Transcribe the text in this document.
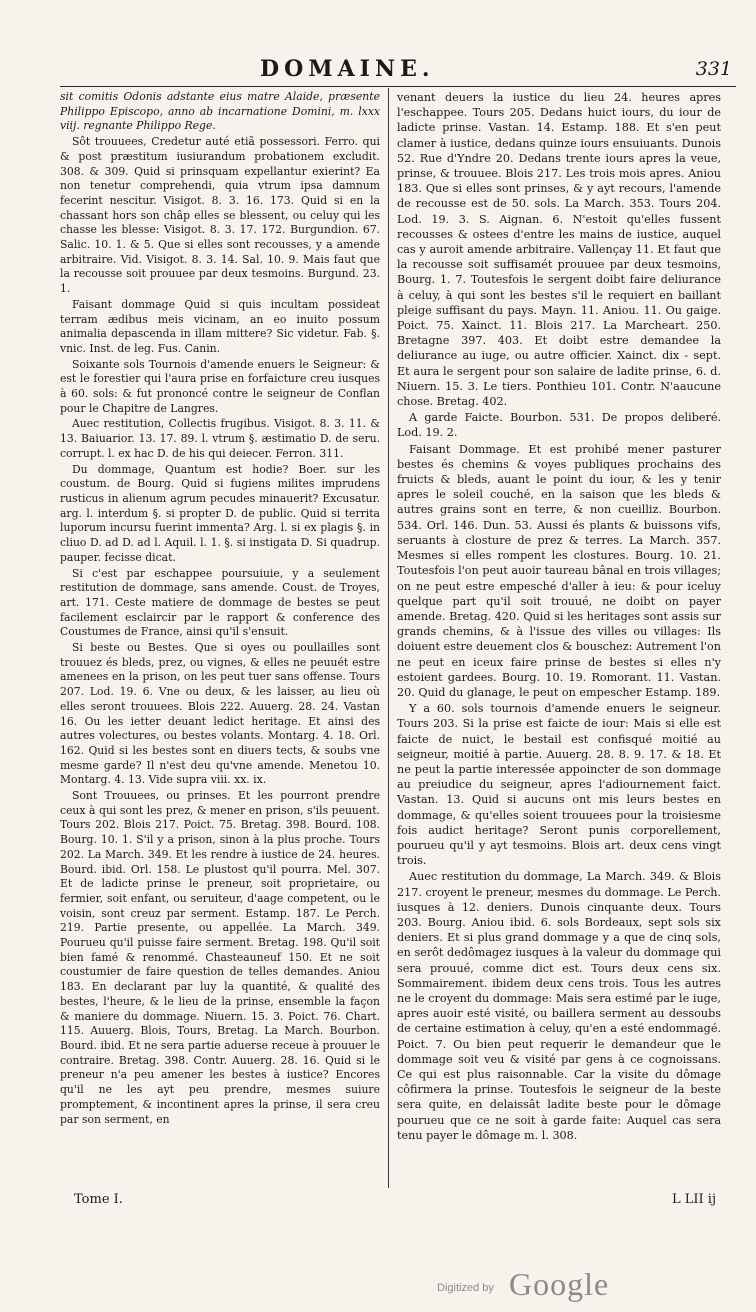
DOMAINE.	331

sit comitis Odonis adstante eius matre Alaide, præsente Philippo Episcopo, anno ab incarnatione Domini, m. lxxx viij. regnante Philippo Rege.

Sôt trouuees, Credetur auté etiã possessori. Ferro. qui & post præstitum iusiurandum probationem excludit. 308. & 309. Quid si prinsquam expellantur exierint? Ea non tenetur comprehendi, quia vtrum ipsa damnum fecerint nescitur. Visigot. 8. 3. 16. 173. Quid si en la chassant hors son châp elles se blessent, ou celuy qui les chasse les blesse: Visigot. 8. 3. 17. 172. Burgundion. 67. Salic. 10. 1. & 5. Que si elles sont recousses, y a amende arbitraire. Vid. Visigot. 8. 3. 14. Sal. 10. 9. Mais faut que la recousse soit prouuee par deux tesmoins. Burgund. 23. 1.

Faisant dommage Quid si quis incultam possideat terram ædibus meis vicinam, an eo inuito possum animalia depascenda in illam mittere? Sic videtur. Fab. §. vnic. Inst. de leg. Fus. Canin.

Soixante sols Tournois d'amende enuers le Seigneur: & est le forestier qui l'aura prise en forfaicture creu iusques à 60. sols: & fut prononcé contre le seigneur de Conflan pour le Chapitre de Langres.

Auec restitution, Collectis frugibus. Visigot. 8. 3. 11. & 13. Baiuarior. 13. 17. 89. l. vtrum §. æstimatio D. de seru. corrupt. l. ex hac D. de his qui deiecer. Ferron. 311.

Du dommage, Quantum est hodie? Boer. sur les coustum. de Bourg. Quid si fugiens milites imprudens rusticus in alienum agrum pecudes minauerit? Excusatur. arg. l. interdum §. si propter D. de public. Quid si territa luporum incursu fuerint immenta? Arg. l. si ex plagis §. in cliuo D. ad D. ad l. Aquil. l. 1. §. si instigata D. Si quadrup. pauper. fecisse dicat.

Si c'est par eschappee poursuiuie, y a seulement restitution de dommage, sans amende. Coust. de Troyes, art. 171. Ceste matiere de dommage de bestes se peut facilement esclaircir par le rapport & conference des Coustumes de France, ainsi qu'il s'ensuit.

Si beste ou Bestes. Que si oyes ou poullailles sont trouuez és bleds, prez, ou vignes, & elles ne peuuét estre amenees en la prison, on les peut tuer sans offense. Tours 207. Lod. 19. 6. Vne ou deux, & les laisser, au lieu où elles seront trouuees. Blois 222. Auuerg. 28. 24. Vastan 16. Ou les ietter deuant ledict heritage. Et ainsi des autres volectures, ou bestes volants. Montarg. 4. 18. Orl. 162. Quid si les bestes sont en diuers tects, & soubs vne mesme garde? Il n'est deu qu'vne amende. Menetou 10. Montarg. 4. 13. Vide supra viii. xx. ix.

Sont Trouuees, ou prinses. Et les pourront prendre ceux à qui sont les prez, & mener en prison, s'ils peuuent. Tours 202. Blois 217. Poict. 75. Bretag. 398. Bourd. 108. Bourg. 10. 1. S'il y a prison, sinon à la plus proche. Tours 202. La March. 349. Et les rendre à iustice de 24. heures. Bourd. ibid. Orl. 158. Le plustost qu'il pourra. Mel. 307. Et de ladicte prinse le preneur, soit proprietaire, ou fermier, soit enfant, ou seruiteur, d'aage competent, ou le voisin, sont creuz par serment. Estamp. 187. Le Perch. 219. Partie presente, ou appellée. La March. 349. Pourueu qu'il puisse faire serment. Bretag. 198. Qu'il soit bien famé & renommé. Chasteauneuf 150. Et ne soit coustumier de faire question de telles demandes. Aniou 183. En declarant par luy la quantité, & qualité des bestes, l'heure, & le lieu de la prinse, ensemble la façon & maniere du dommage. Niuern. 15. 3. Poict. 76. Chart. 115. Auuerg. Blois, Tours, Bretag. La March. Bourbon. Bourd. ibid. Et ne sera partie aduerse receue à prouuer le contraire. Bretag. 398. Contr. Auuerg. 28. 16. Quid si le preneur n'a peu amener les bestes à iustice? Encores qu'il ne les ayt peu prendre, mesmes suiure promptement, & incontinent apres la prinse, il sera creu par son serment, en

venant deuers la iustice du lieu 24. heures apres l'eschappee. Tours 205. Dedans huict iours, du iour de ladicte prinse. Vastan. 14. Estamp. 188. Et s'en peut clamer à iustice, dedans quinze iours ensuiuants. Dunois 52. Rue d'Yndre 20. Dedans trente iours apres la veue, prinse, & trouuee. Blois 217. Les trois mois apres. Aniou 183. Que si elles sont prinses, & y ayt recours, l'amende de recousse est de 50. sols. La March. 353. Tours 204. Lod. 19. 3. S. Aignan. 6. N'estoit qu'elles fussent recousses & ostees d'entre les mains de iustice, auquel cas y auroit amende arbitraire. Vallençay 11. Et faut que la recousse soit suffisamét prouuee par deux tesmoins, Bourg. 1. 7. Toutesfois le sergent doibt faire deliurance à celuy, à qui sont les bestes s'il le requiert en baillant pleige suffisant du pays. Mayn. 11. Aniou. 11. Ou gaige. Poict. 75. Xainct. 11. Blois 217. La Marcheart. 250. Bretagne 397. 403. Et doibt estre demandee la deliurance au iuge, ou autre officier. Xainct. dix - sept. Et aura le sergent pour son salaire de ladite prinse, 6. d. Niuern. 15. 3. Le tiers. Ponthieu 101. Contr. N'aaucune chose. Bretag. 402.

A garde Faicte. Bourbon. 531. De propos deliberé. Lod. 19. 2.

Faisant Dommage. Et est prohibé mener pasturer bestes és chemins & voyes publiques prochains des fruicts & bleds, auant le point du iour, & les y tenir apres le soleil couché, en la saison que les bleds & autres grains sont en terre, & non cueilliz. Bourbon. 534. Orl. 146. Dun. 53. Aussi és plants & buissons vifs, seruants à closture de prez & terres. La March. 357. Mesmes si elles rompent les clostures. Bourg. 10. 21. Toutesfois l'on peut auoir taureau bânal en trois villages; on ne peut estre empesché d'aller à ieu: & pour iceluy quelque part qu'il soit trouué, ne doibt on payer amende. Bretag. 420. Quid si les heritages sont assis sur grands chemins, & à l'issue des villes ou villages: Ils doiuent estre deuement clos & bouschez: Autrement l'on ne peut en iceux faire prinse de bestes si elles n'y estoient gardees. Bourg. 10. 19. Romorant. 11. Vastan. 20. Quid du glanage, le peut on empescher Estamp. 189.

Y a 60. sols tournois d'amende enuers le seigneur. Tours 203. Si la prise est faicte de iour: Mais si elle est faicte de nuict, le bestail est confisqué moitié au seigneur, moitié à partie. Auuerg. 28. 8. 9. 17. & 18. Et ne peut la partie interessée appoincter de son dommage au preiudice du seigneur, apres l'adiournement faict. Vastan. 13. Quid si aucuns ont mis leurs bestes en dommage, & qu'elles soient trouuees pour la troisiesme fois audict heritage? Seront punis corporellement, pourueu qu'il y ayt tesmoins. Blois art. deux cens vingt trois.

Auec restitution du dommage, La March. 349. & Blois 217. croyent le preneur, mesmes du dommage. Le Perch. iusques à 12. deniers. Dunois cinquante deux. Tours 203. Bourg. Aniou ibid. 6. sols Bordeaux, sept sols six deniers. Et si plus grand dommage y a que de cinq sols, en serôt dedômagez iusques à la valeur du dommage qui sera prouué, comme dict est. Tours deux cens six. Sommairement. ibidem deux cens trois. Tous les autres ne le croyent du dommage: Mais sera estimé par le iuge, apres auoir esté visité, ou baillera serment au dessoubs de certaine estimation à celuy, qu'en a esté endommagé. Poict. 7. Ou bien peut requerir le demandeur que le dommage soit veu & visité par gens à ce cognoissans. Ce qui est plus raisonnable. Car la visite du dômage côfirmera la prinse. Toutesfois le seigneur de la beste sera quite, en delaissât ladite beste pour le dômage pourueu que ce ne soit à garde faite: Auquel cas sera tenu payer le dômage m. l. 308.

Tome I.	L LII ij
Digitized by Google
